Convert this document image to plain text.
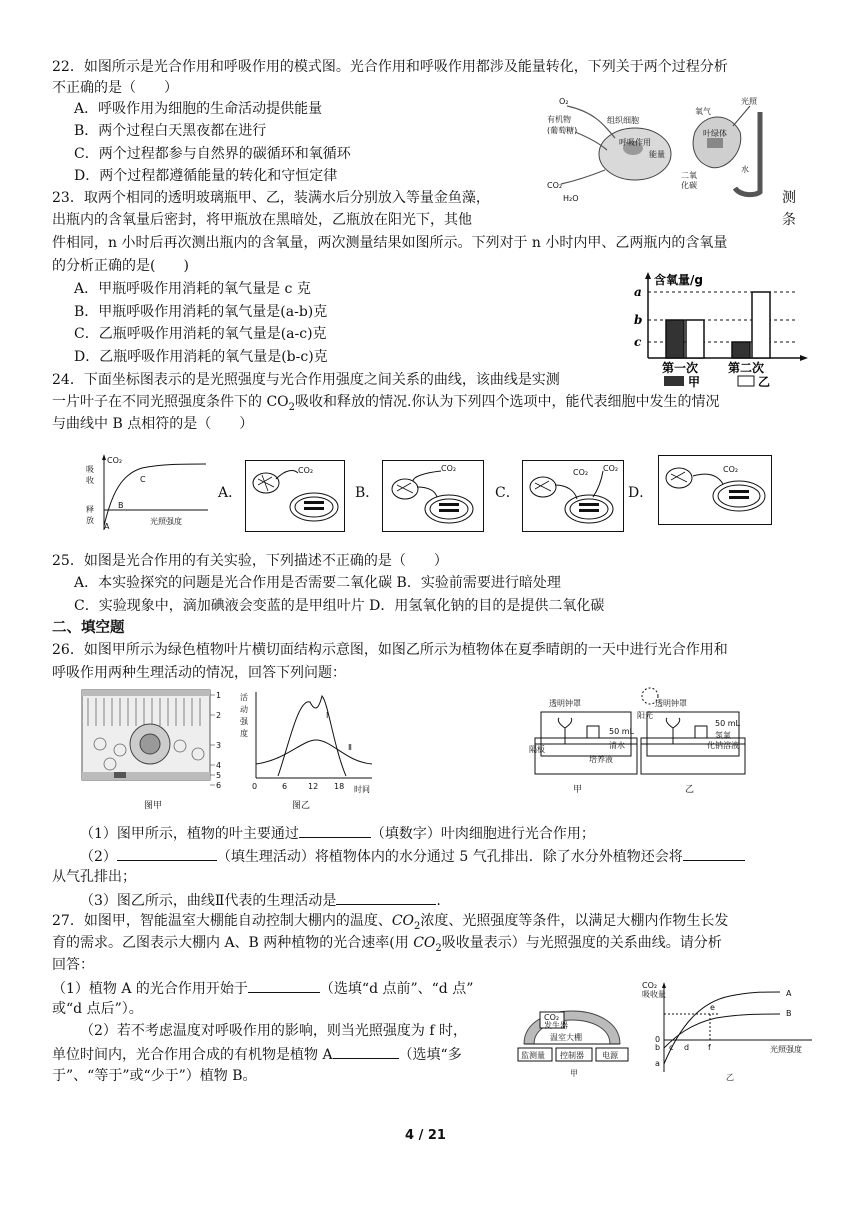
22．如图所示是光合作用和呼吸作用的模式图。光合作用和呼吸作用都涉及能量转化，下列关于两个过程分析
不正确的是（　　）
A．呼吸作用为细胞的生命活动提供能量
B．两个过程白天黑夜都在进行
C．两个过程都参与自然界的碳循环和氧循环
D．两个过程都遵循能量的转化和守恒定律
O₂
有机物
(葡萄糖)
组织细胞
呼吸作用
能量
CO₂
H₂O
叶绿体
氧气
光照
水
二氧
化碳
23．取两个相同的透明玻璃瓶甲、乙，装满水后分别放入等量金鱼藻，	测
出瓶内的含氧量后密封，将甲瓶放在黑暗处，乙瓶放在阳光下，其他	条
件相同，n 小时后再次测出瓶内的含氧量，两次测量结果如图所示。下列对于 n 小时内甲、乙两瓶内的含氧量
的分析正确的是(　　)
A．甲瓶呼吸作用消耗的氧气量是 c 克
B．甲瓶呼吸作用消耗的氧气量是(a-b)克
C．乙瓶呼吸作用消耗的氧气量是(a-c)克
D．乙瓶呼吸作用消耗的氧气量是(b-c)克
含氧量/g
a
b
c
第一次 第二次
甲	乙
24．下面坐标图表示的是光照强度与光合作用强度之间关系的曲线，该曲线是实测
一片叶子在不同光照强度条件下的 $CO_2$吸收和释放的情况.你认为下列四个选项中，能代表细胞中发生的情况
与曲线中 B 点相符的是（　　）
CO₂
吸
收
释
放
A
B
C
光照强度
A．
CO₂
B．
CO₂
C．
CO₂ CO₂
D．
CO₂
25．如图是光合作用的有关实验，下列描述不正确的是（　　）
A．本实验探究的问题是光合作用是否需要二氧化碳 B．实验前需要进行暗处理
C．实验现象中，滴加碘液会变蓝的是甲组叶片 D．用氢氧化钠的目的是提供二氧化碳
二、填空题
26．如图甲所示为绿色植物叶片横切面结构示意图，如图乙所示为植物体在夏季晴朗的一天中进行光合作用和
呼吸作用两种生理活动的情况，回答下列问题：
1
2
3
4
5
6
图甲
活
动
强
度
Ⅰ
Ⅱ
0	6	12 18 时间
图乙
阳光
透明钟罩	透明钟罩
50 mL
50 mL
清水
氢氧
化钠溶液
隔板
培养液
甲	乙
（1）图甲所示，植物的叶主要通过	（填数字）叶肉细胞进行光合作用；
（2）	（填生理活动）将植物体内的水分通过 5 气孔排出．除了水分外植物还会将
从气孔排出；
（3）图乙所示，曲线Ⅱ代表的生理活动是	.
27．如图甲，智能温室大棚能自动控制大棚内的温度、$CO_2$浓度、光照强度等条件，以满足大棚内作物生长发
育的需求。乙图表示大棚内 A、B 两种植物的光合速率(用 $CO_2$吸收量表示）与光照强度的关系曲线。请分析
回答：
（1）植物 A 的光合作用开始于	（选填“d 点前”、“d 点”
或“d 点后”）。
（2）若不考虑温度对呼吸作用的影响，则当光照强度为 f 时，
单位时间内，光合作用合成的有机物是植物 A	（选填“多
于”、“等于”或“少于”）植物 B。
CO₂
发生器
温室大棚
监测量 控制器 电源
甲
CO₂
吸收量	A
B
e
0
b
a
c d f	光照强度
乙
4 / 21
